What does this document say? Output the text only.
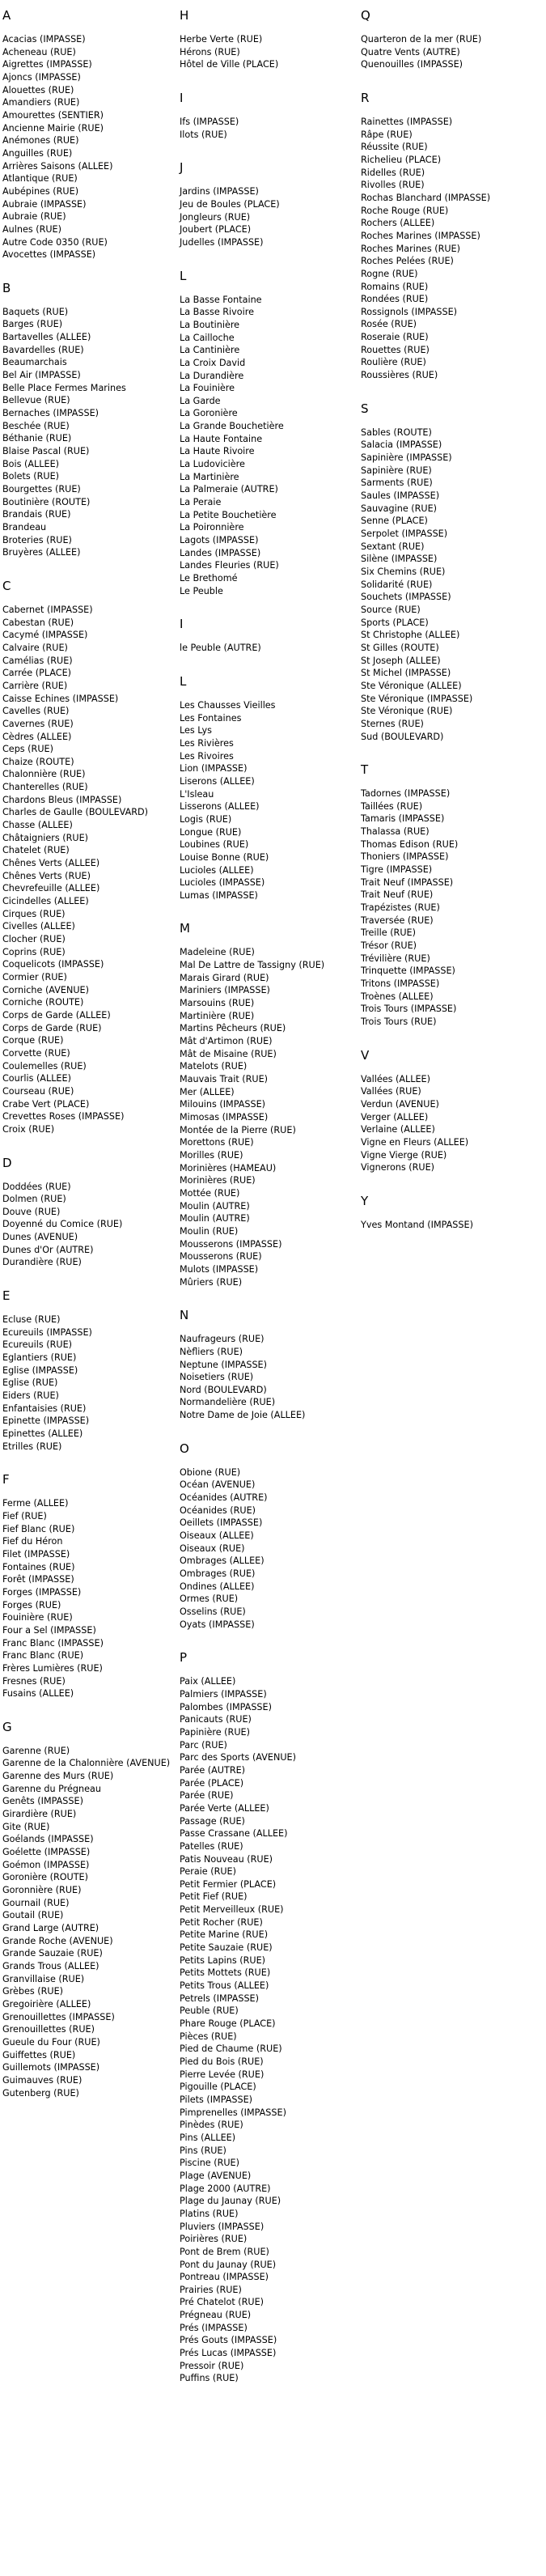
A
Acacias (IMPASSE)
Acheneau (RUE)
Aigrettes (IMPASSE)
Ajoncs (IMPASSE)
Alouettes (RUE)
Amandiers (RUE)
Amourettes (SENTIER)
Ancienne Mairie (RUE)
Anémones (RUE)
Anguilles (RUE)
Arrières Saisons (ALLEE)
Atlantique (RUE)
Aubépines (RUE)
Aubraie (IMPASSE)
Aubraie (RUE)
Aulnes (RUE)
Autre Code 0350 (RUE)
Avocettes (IMPASSE)
B
Baquets (RUE)
Barges (RUE)
Bartavelles (ALLEE)
Bavardelles (RUE)
Beaumarchais
Bel Air (IMPASSE)
Belle Place Fermes Marines
Bellevue (RUE)
Bernaches (IMPASSE)
Beschée (RUE)
Béthanie (RUE)
Blaise Pascal (RUE)
Bois (ALLEE)
Bolets (RUE)
Bourgettes (RUE)
Boutinière (ROUTE)
Brandais (RUE)
Brandeau
Broteries (RUE)
Bruyères (ALLEE)
C
Cabernet (IMPASSE)
Cabestan (RUE)
Cacymé (IMPASSE)
Calvaire (RUE)
Camélias (RUE)
Carrée (PLACE)
Carrière (RUE)
Caisse Echines (IMPASSE)
Cavelles (RUE)
Cavernes (RUE)
Cèdres (ALLEE)
Ceps (RUE)
Chaize (ROUTE)
Chalonnière (RUE)
Chanterelles (RUE)
Chardons Bleus (IMPASSE)
Charles de Gaulle (BOULEVARD)
Chasse (ALLEE)
Châtaigniers (RUE)
Chatelet (RUE)
Chênes Verts (ALLEE)
Chênes Verts (RUE)
Chevrefeuille (ALLEE)
Cicindelles (ALLEE)
Cirques (RUE)
Civelles (ALLEE)
Clocher (RUE)
Coprins (RUE)
Coquelicots (IMPASSE)
Cormier (RUE)
Corniche (AVENUE)
Corniche (ROUTE)
Corps de Garde (ALLEE)
Corps de Garde (RUE)
Corque (RUE)
Corvette (RUE)
Coulemelles (RUE)
Courlis (ALLEE)
Courseau (RUE)
Crabe Vert (PLACE)
Crevettes Roses (IMPASSE)
Croix (RUE)
D
Doddées (RUE)
Dolmen (RUE)
Douve (RUE)
Doyenné du Comice (RUE)
Dunes (AVENUE)
Dunes d'Or (AUTRE)
Durandière (RUE)
E
Ecluse (RUE)
Ecureuils (IMPASSE)
Ecureuils (RUE)
Eglantiers (RUE)
Eglise (IMPASSE)
Eglise (RUE)
Eiders (RUE)
Enfantaisies (RUE)
Epinette (IMPASSE)
Epinettes (ALLEE)
Etrilles (RUE)
F
Ferme (ALLEE)
Fief (RUE)
Fief Blanc (RUE)
Fief du Héron
Filet (IMPASSE)
Fontaines (RUE)
Forêt (IMPASSE)
Forges (IMPASSE)
Forges (RUE)
Fouinière (RUE)
Four a Sel (IMPASSE)
Franc Blanc (IMPASSE)
Franc Blanc (RUE)
Frères Lumières (RUE)
Fresnes (RUE)
Fusains (ALLEE)
G
Garenne (RUE)
Garenne de la Chalonnière (AVENUE)
Garenne des Murs (RUE)
Garenne du Prégneau
Genêts (IMPASSE)
Girardière (RUE)
Gite (RUE)
Goélands (IMPASSE)
Goélette (IMPASSE)
Goémon (IMPASSE)
Goronière (ROUTE)
Goronnière (RUE)
Gournail (RUE)
Goutail (RUE)
Grand Large (AUTRE)
Grande Roche (AVENUE)
Grande Sauzaie (RUE)
Grands Trous (ALLEE)
Granvillaise (RUE)
Grèbes (RUE)
Gregoirière (ALLEE)
Grenouillettes (IMPASSE)
Grenouillettes (RUE)
Gueule du Four (RUE)
Guiffettes (RUE)
Guillemots (IMPASSE)
Guimauves (RUE)
Gutenberg (RUE)
H
Herbe Verte (RUE)
Hérons (RUE)
Hôtel de Ville (PLACE)
I
Ifs (IMPASSE)
Ilots (RUE)
J
Jardins (IMPASSE)
Jeu de Boules (PLACE)
Jongleurs (RUE)
Joubert (PLACE)
Judelles (IMPASSE)
L
La Basse Fontaine
La Basse Rivoire
La Boutinière
La Cailloche
La Cantinière
La Croix David
La Durandière
La Fouinière
La Garde
La Goronière
La Grande Bouchetière
La Haute Fontaine
La Haute Rivoire
La Ludovicière
La Martinière
La Palmeraie (AUTRE)
La Peraie
La Petite Bouchetière
La Poironnière
Lagots (IMPASSE)
Landes (IMPASSE)
Landes Fleuries (RUE)
Le Brethomé
Le Peuble
I
le Peuble (AUTRE)
L
Les Chausses Vieilles
Les Fontaines
Les Lys
Les Rivières
Les Rivoires
Lion (IMPASSE)
Liserons (ALLEE)
L'Isleau
Lisserons (ALLEE)
Logis (RUE)
Longue (RUE)
Loubines (RUE)
Louise Bonne (RUE)
Lucioles (ALLEE)
Lucioles (IMPASSE)
Lumas (IMPASSE)
M
Madeleine (RUE)
Mal De Lattre de Tassigny (RUE)
Marais Girard (RUE)
Mariniers (IMPASSE)
Marsouins (RUE)
Martinière (RUE)
Martins Pêcheurs (RUE)
Mât d'Artimon (RUE)
Mât de Misaine (RUE)
Matelots (RUE)
Mauvais Trait (RUE)
Mer (ALLEE)
Milouins (IMPASSE)
Mimosas (IMPASSE)
Montée de la Pierre (RUE)
Morettons (RUE)
Morilles (RUE)
Morinières (HAMEAU)
Morinières (RUE)
Mottée (RUE)
Moulin (AUTRE)
Moulin (AUTRE)
Moulin (RUE)
Mousserons (IMPASSE)
Mousserons (RUE)
Mulots (IMPASSE)
Mûriers (RUE)
N
Naufrageurs (RUE)
Nèfliers (RUE)
Neptune (IMPASSE)
Noisetiers (RUE)
Nord (BOULEVARD)
Normandelière (RUE)
Notre Dame de Joie (ALLEE)
O
Obione (RUE)
Océan (AVENUE)
Océanides (AUTRE)
Océanides (RUE)
Oeillets (IMPASSE)
Oiseaux (ALLEE)
Oiseaux (RUE)
Ombrages (ALLEE)
Ombrages (RUE)
Ondines (ALLEE)
Ormes (RUE)
Osselins (RUE)
Oyats (IMPASSE)
P
Paix (ALLEE)
Palmiers (IMPASSE)
Palombes (IMPASSE)
Panicauts (RUE)
Papinière (RUE)
Parc (RUE)
Parc des Sports (AVENUE)
Parée (AUTRE)
Parée (PLACE)
Parée (RUE)
Parée Verte (ALLEE)
Passage (RUE)
Passe Crassane (ALLEE)
Patelles (RUE)
Patis Nouveau (RUE)
Peraie (RUE)
Petit Fermier (PLACE)
Petit Fief (RUE)
Petit Merveilleux (RUE)
Petit Rocher (RUE)
Petite Marine (RUE)
Petite Sauzaie (RUE)
Petits Lapins (RUE)
Petits Mottets (RUE)
Petits Trous (ALLEE)
Petrels (IMPASSE)
Peuble (RUE)
Phare Rouge (PLACE)
Pièces (RUE)
Pied de Chaume (RUE)
Pied du Bois (RUE)
Pierre Levée (RUE)
Pigouille (PLACE)
Pilets (IMPASSE)
Pimprenelles (IMPASSE)
Pinèdes (RUE)
Pins (ALLEE)
Pins (RUE)
Piscine (RUE)
Plage (AVENUE)
Plage 2000 (AUTRE)
Plage du Jaunay (RUE)
Platins (RUE)
Pluviers (IMPASSE)
Poirières (RUE)
Pont de Brem (RUE)
Pont du Jaunay (RUE)
Pontreau (IMPASSE)
Prairies (RUE)
Pré Chatelot (RUE)
Prégneau (RUE)
Prés (IMPASSE)
Prés Gouts (IMPASSE)
Prés Lucas (IMPASSE)
Pressoir (RUE)
Puffins (RUE)
Q
Quarteron de la mer (RUE)
Quatre Vents (AUTRE)
Quenouilles (IMPASSE)
R
Rainettes (IMPASSE)
Râpe (RUE)
Réussite (RUE)
Richelieu (PLACE)
Ridelles (RUE)
Rivolles (RUE)
Rochas Blanchard (IMPASSE)
Roche Rouge (RUE)
Rochers (ALLEE)
Roches Marines (IMPASSE)
Roches Marines (RUE)
Roches Pelées (RUE)
Rogne (RUE)
Romains (RUE)
Rondées (RUE)
Rossignols (IMPASSE)
Rosée (RUE)
Roseraie (RUE)
Rouettes (RUE)
Roulière (RUE)
Roussières (RUE)
S
Sables (ROUTE)
Salacia (IMPASSE)
Sapinière (IMPASSE)
Sapinière (RUE)
Sarments (RUE)
Saules (IMPASSE)
Sauvagine (RUE)
Senne (PLACE)
Serpolet (IMPASSE)
Sextant (RUE)
Silène (IMPASSE)
Six Chemins (RUE)
Solidarité (RUE)
Souchets (IMPASSE)
Source (RUE)
Sports (PLACE)
St Christophe (ALLEE)
St Gilles (ROUTE)
St Joseph (ALLEE)
St Michel (IMPASSE)
Ste Véronique (ALLEE)
Ste Véronique (IMPASSE)
Ste Véronique (RUE)
Sternes (RUE)
Sud (BOULEVARD)
T
Tadornes (IMPASSE)
Taillées (RUE)
Tamaris (IMPASSE)
Thalassa (RUE)
Thomas Edison (RUE)
Thoniers (IMPASSE)
Tigre (IMPASSE)
Trait Neuf (IMPASSE)
Trait Neuf (RUE)
Trapézistes (RUE)
Traversée (RUE)
Treille (RUE)
Trésor (RUE)
Trévilière (RUE)
Trinquette (IMPASSE)
Tritons (IMPASSE)
Troènes (ALLEE)
Trois Tours (IMPASSE)
Trois Tours (RUE)
V
Vallées (ALLEE)
Vallées (RUE)
Verdun (AVENUE)
Verger (ALLEE)
Verlaine (ALLEE)
Vigne en Fleurs (ALLEE)
Vigne Vierge (RUE)
Vignerons (RUE)
Y
Yves Montand (IMPASSE)
